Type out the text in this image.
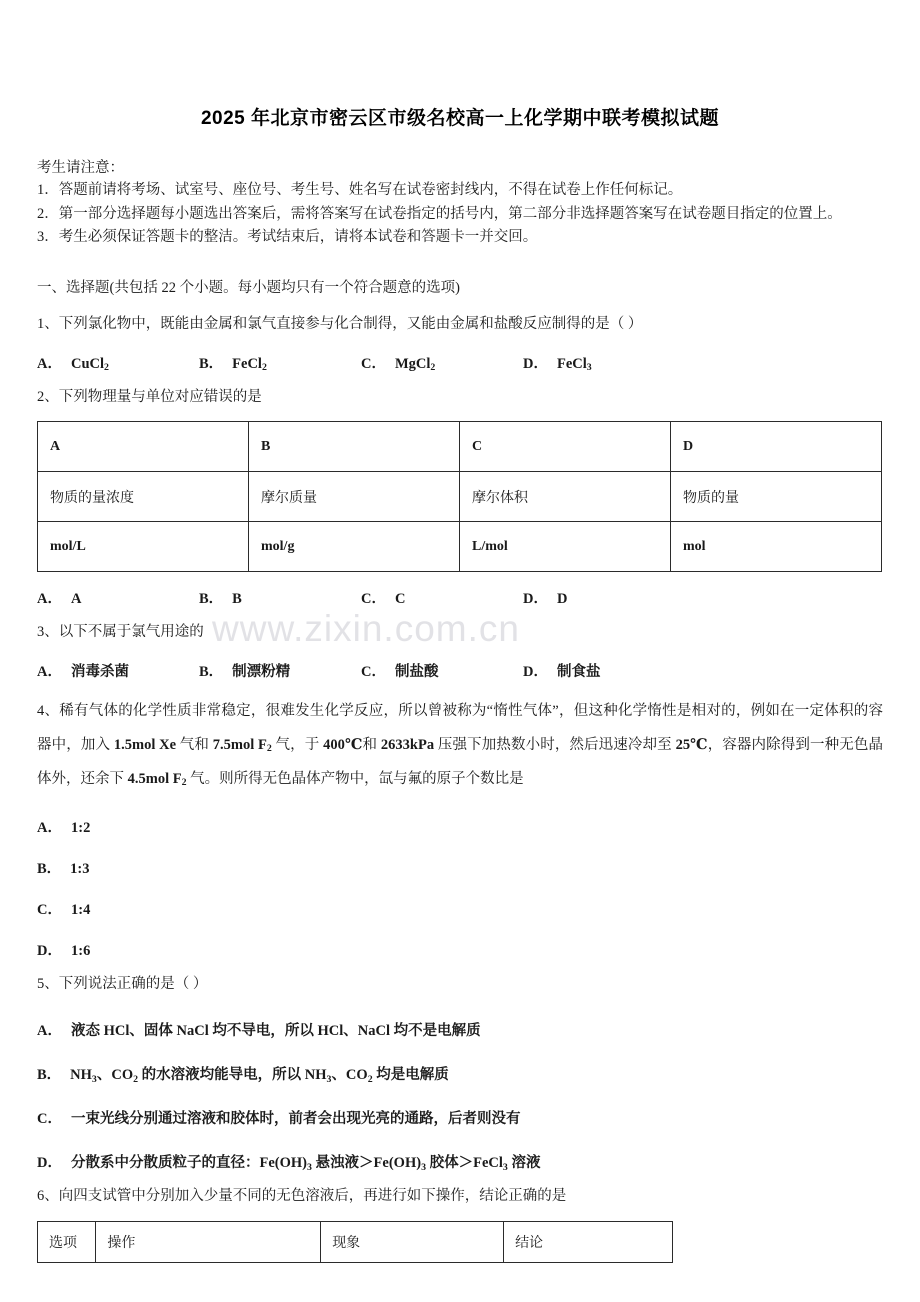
www.zixin.com.cn
2025 年北京市密云区市级名校高一上化学期中联考模拟试题
考生请注意：
1．答题前请将考场、试室号、座位号、考生号、姓名写在试卷密封线内，不得在试卷上作任何标记。
2．第一部分选择题每小题选出答案后，需将答案写在试卷指定的括号内，第二部分非选择题答案写在试卷题目指定的位置上。
3．考生必须保证答题卡的整洁。考试结束后，请将本试卷和答题卡一并交回。
一、选择题(共包括 22 个小题。每小题均只有一个符合题意的选项)
1、下列氯化物中，既能由金属和氯气直接参与化合制得，又能由金属和盐酸反应制得的是（ ）
A． CuCl$_2$	B． FeCl$_2$	C． MgCl$_2$	D． FeCl$_3$
2、下列物理量与单位对应错误的是
A	B	C	D
物质的量浓度	摩尔质量	摩尔体积	物质的量
mol/L	mol/g	L/mol	mol
A． A	B． B	C． C	D． D
3、以下不属于氯气用途的
A． 消毒杀菌	B． 制漂粉精	C． 制盐酸	D． 制食盐
4、稀有气体的化学性质非常稳定，很难发生化学反应，所以曾被称为“惰性气体”，但这种化学惰性是相对的，例如在一定体积的容器中，加入 1.5mol Xe 气和 7.5mol $F_2$ 气，于 400℃和 2633kPa 压强下加热数小时，然后迅速冷却至 25℃，容器内除得到一种无色晶体外，还余下 4.5mol $F_2$ 气。则所得无色晶体产物中，氙与氟的原子个数比是
A． 1:2
B． 1:3
C． 1:4
D． 1:6
5、下列说法正确的是（ ）
A． 液态 HCl、固体 NaCl 均不导电，所以 HCl、NaCl 均不是电解质
B． $NH_3$、$CO_2$ 的水溶液均能导电，所以 $NH_3$、$CO_2$ 均是电解质
C． 一束光线分别通过溶液和胶体时，前者会出现光亮的通路，后者则没有
D． 分散系中分散质粒子的直径：$Fe(OH)_3$ 悬浊液$>Fe(OH)_3$ 胶体＞FeCl$_3$ 溶液
6、向四支试管中分别加入少量不同的无色溶液后，再进行如下操作，结论正确的是
选项	操作	现象	结论
